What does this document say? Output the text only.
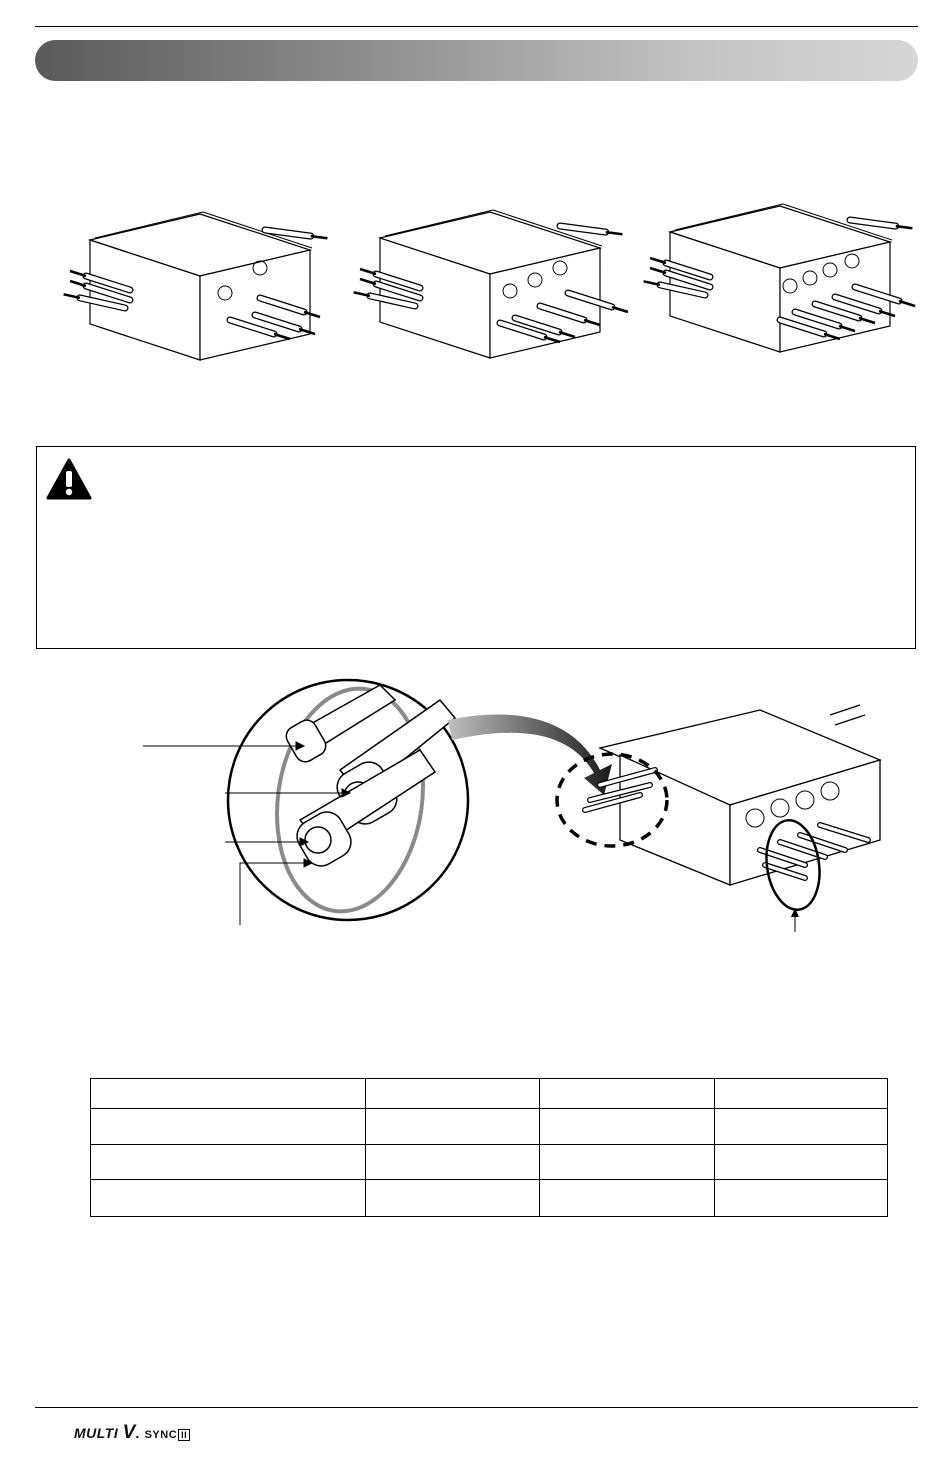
MULTI V. SYNC II
